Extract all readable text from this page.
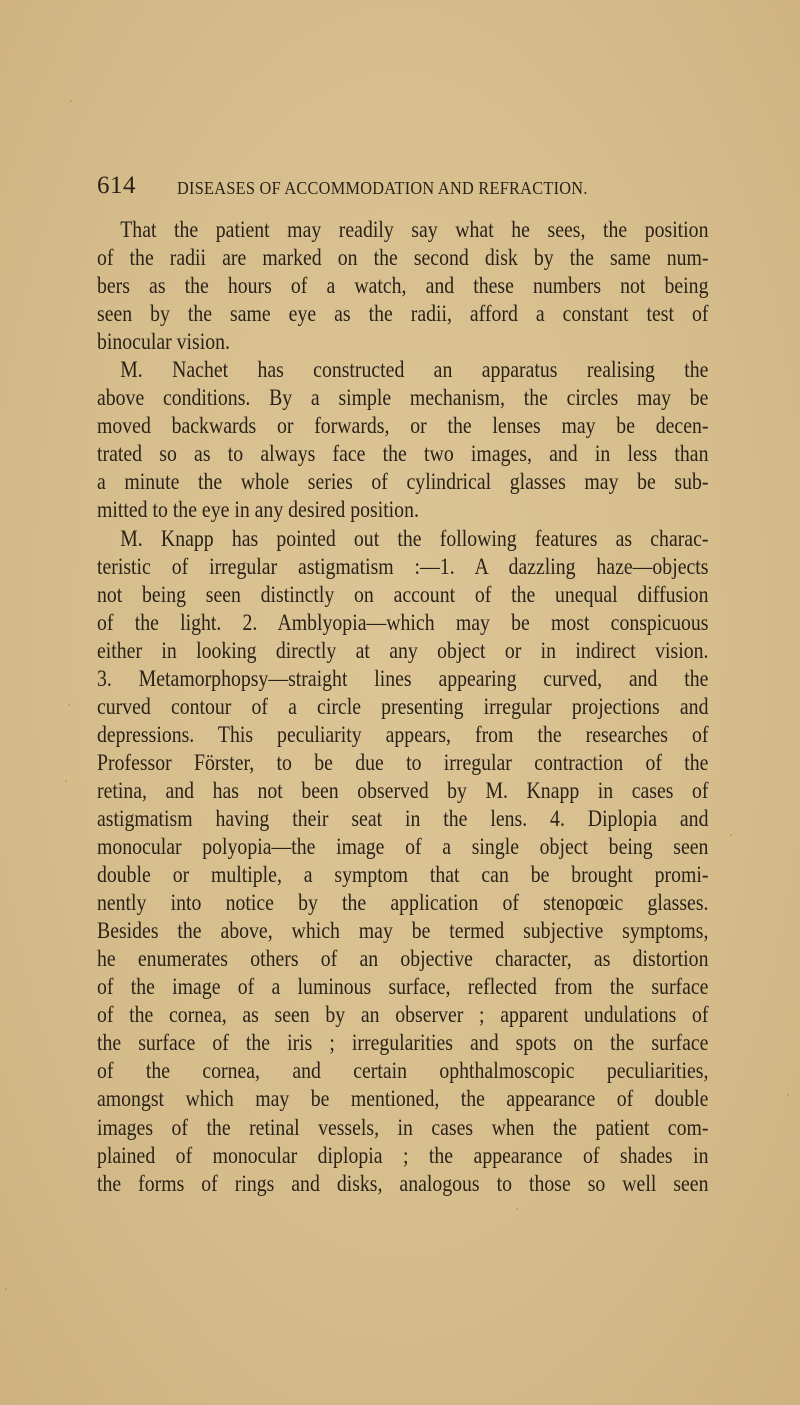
614 DISEASES OF ACCOMMODATION AND REFRACTION.
That the patient may readily say what he sees, the position
of the radii are marked on the second disk by the same num-
bers as the hours of a watch, and these numbers not being
seen by the same eye as the radii, afford a constant test of
binocular vision.
M. Nachet has constructed an apparatus realising the
above conditions. By a simple mechanism, the circles may be
moved backwards or forwards, or the lenses may be decen-
trated so as to always face the two images, and in less than
a minute the whole series of cylindrical glasses may be sub-
mitted to the eye in any desired position.
M. Knapp has pointed out the following features as charac-
teristic of irregular astigmatism :—1. A dazzling haze—objects
not being seen distinctly on account of the unequal diffusion
of the light. 2. Amblyopia—which may be most conspicuous
either in looking directly at any object or in indirect vision.
3. Metamorphopsy—straight lines appearing curved, and the
curved contour of a circle presenting irregular projections and
depressions. This peculiarity appears, from the researches of
Professor Förster, to be due to irregular contraction of the
retina, and has not been observed by M. Knapp in cases of
astigmatism having their seat in the lens. 4. Diplopia and
monocular polyopia—the image of a single object being seen
double or multiple, a symptom that can be brought promi-
nently into notice by the application of stenopœic glasses.
Besides the above, which may be termed subjective symptoms,
he enumerates others of an objective character, as distortion
of the image of a luminous surface, reflected from the surface
of the cornea, as seen by an observer ; apparent undulations of
the surface of the iris ; irregularities and spots on the surface
of the cornea, and certain ophthalmoscopic peculiarities,
amongst which may be mentioned, the appearance of double
images of the retinal vessels, in cases when the patient com-
plained of monocular diplopia ; the appearance of shades in
the forms of rings and disks, analogous to those so well seen
